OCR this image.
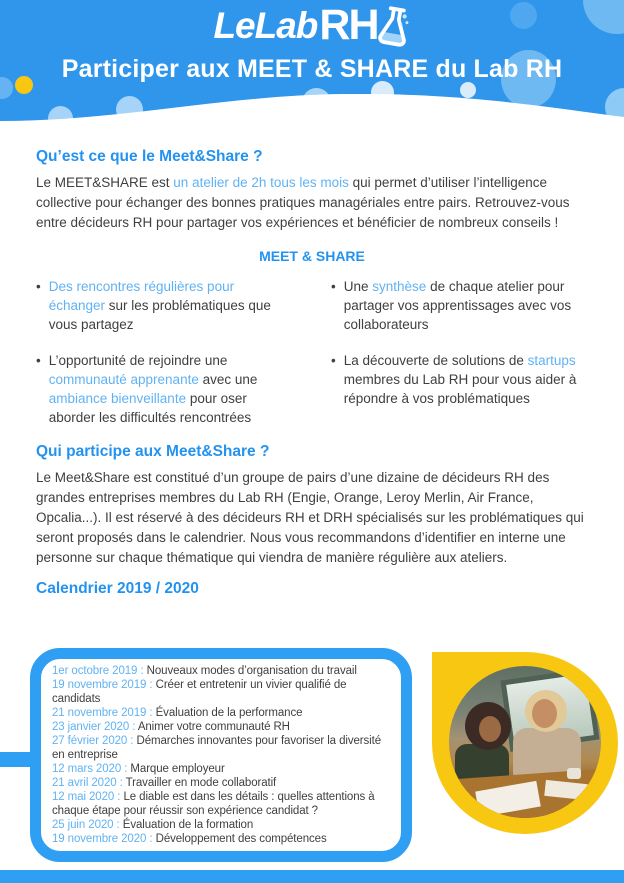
LeLab RH
Participer aux MEET & SHARE du Lab RH
Qu’est ce que le Meet&Share ?

Le MEET&SHARE est un atelier de 2h tous les mois qui permet d’utiliser l’intelligence collective pour échanger des bonnes pratiques managériales entre pairs. Retrouvez-vous entre décideurs RH pour partager vos expériences et bénéficier de nombreux conseils !

MEET & SHARE
• Des rencontres régulières pour échanger sur les problématiques que vous partagez
• Une synthèse de chaque atelier pour partager vos apprentissages avec vos collaborateurs
• L’opportunité de rejoindre une communauté apprenante avec une ambiance bienveillante pour oser aborder les difficultés rencontrées
• La découverte de solutions de startups membres du Lab RH pour vous aider à répondre à vos problématiques
Qui participe aux Meet&Share ?

Le Meet&Share est constitué d’un groupe de pairs d’une dizaine de décideurs RH des grandes entreprises membres du Lab RH (Engie, Orange, Leroy Merlin, Air France, Opcalia...). Il est réservé à des décideurs RH et DRH spécialisés sur les problématiques qui seront proposés dans le calendrier. Nous vous recommandons d’identifier en interne une personne sur chaque thématique qui viendra de manière régulière aux ateliers.

Calendrier 2019 / 2020
1er octobre 2019 : Nouveaux modes d’organisation du travail
19 novembre 2019 : Créer et entretenir un vivier qualifié de candidats
21 novembre 2019 : Évaluation de la performance
23 janvier 2020 : Animer votre communauté RH
27 février 2020 : Démarches innovantes pour favoriser la diversité en entreprise
12 mars 2020 : Marque employeur
21 avril 2020 : Travailler en mode collaboratif
12 mai 2020 : Le diable est dans les détails : quelles attentions à chaque étape pour réussir son expérience candidat ?
25 juin 2020 : Évaluation de la formation
19 novembre 2020 : Développement des compétences
